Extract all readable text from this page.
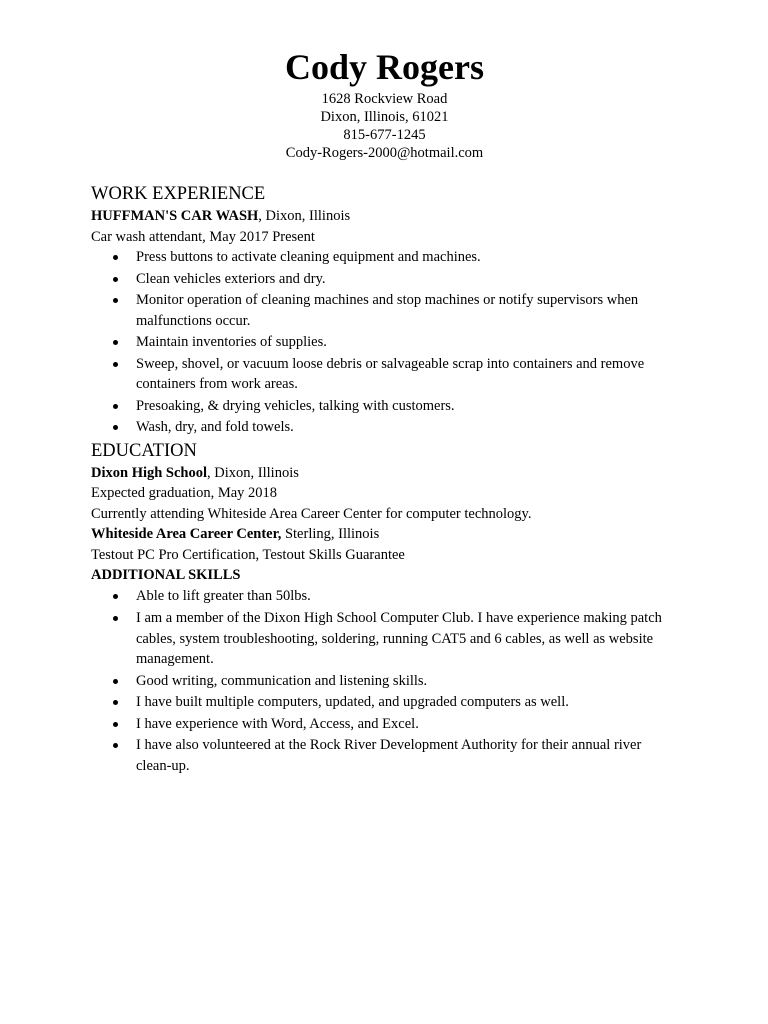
Cody Rogers
1628 Rockview Road
Dixon, Illinois, 61021
815-677-1245
Cody-Rogers-2000@hotmail.com
WORK EXPERIENCE
HUFFMAN'S CAR WASH, Dixon, Illinois
Car wash attendant, May 2017 Present
Press buttons to activate cleaning equipment and machines.
Clean vehicles exteriors and dry.
Monitor operation of cleaning machines and stop machines or notify supervisors when malfunctions occur.
Maintain inventories of supplies.
Sweep, shovel, or vacuum loose debris or salvageable scrap into containers and remove containers from work areas.
Presoaking, & drying vehicles, talking with customers.
Wash, dry, and fold towels.
EDUCATION
Dixon High School, Dixon, Illinois
Expected graduation, May 2018
Currently attending Whiteside Area Career Center for computer technology.
Whiteside Area Career Center, Sterling, Illinois
Testout PC Pro Certification, Testout Skills Guarantee
ADDITIONAL SKILLS
Able to lift greater than 50lbs.
I am a member of the Dixon High School Computer Club. I have experience making patch cables, system troubleshooting, soldering, running CAT5 and 6 cables, as well as website management.
Good writing, communication and listening skills.
I have built multiple computers, updated, and upgraded computers as well.
I have experience with Word, Access, and Excel.
I have also volunteered at the Rock River Development Authority for their annual river clean-up.
